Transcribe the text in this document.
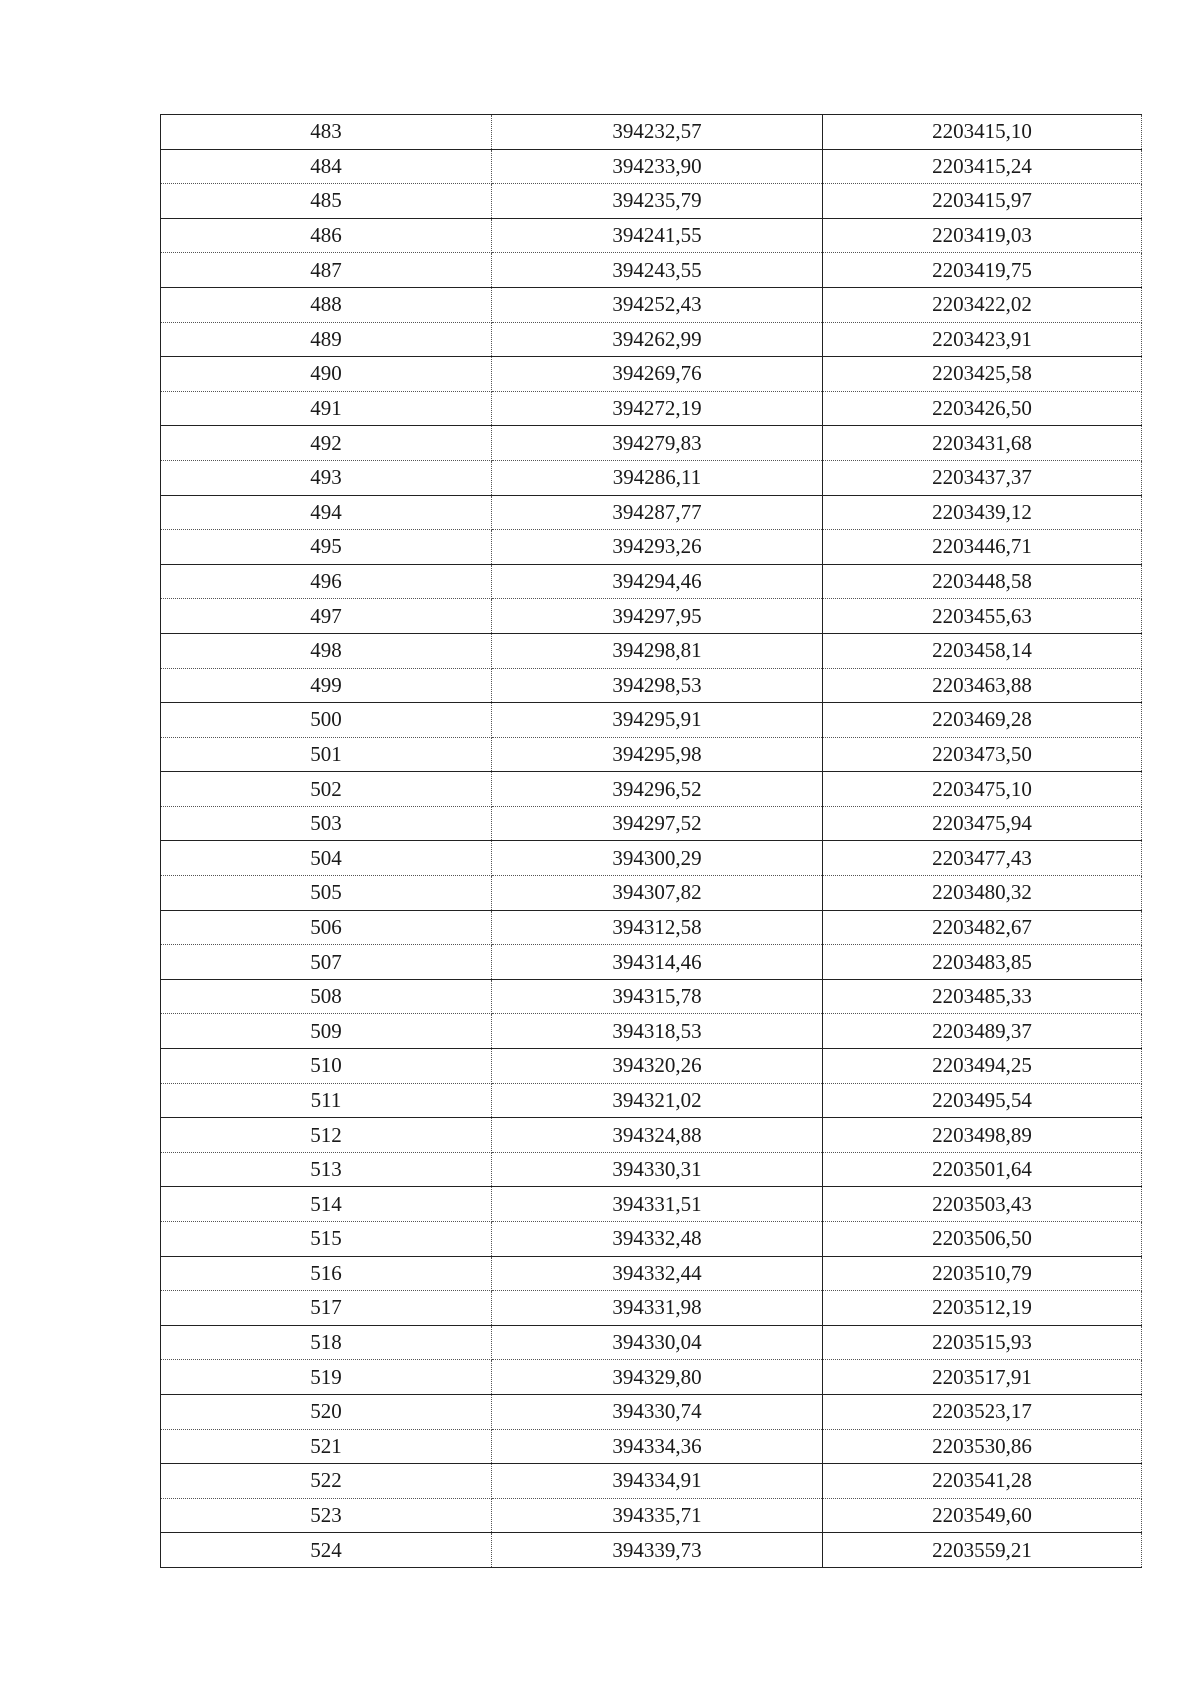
483	394232,57	2203415,10
484	394233,90	2203415,24
485	394235,79	2203415,97
486	394241,55	2203419,03
487	394243,55	2203419,75
488	394252,43	2203422,02
489	394262,99	2203423,91
490	394269,76	2203425,58
491	394272,19	2203426,50
492	394279,83	2203431,68
493	394286,11	2203437,37
494	394287,77	2203439,12
495	394293,26	2203446,71
496	394294,46	2203448,58
497	394297,95	2203455,63
498	394298,81	2203458,14
499	394298,53	2203463,88
500	394295,91	2203469,28
501	394295,98	2203473,50
502	394296,52	2203475,10
503	394297,52	2203475,94
504	394300,29	2203477,43
505	394307,82	2203480,32
506	394312,58	2203482,67
507	394314,46	2203483,85
508	394315,78	2203485,33
509	394318,53	2203489,37
510	394320,26	2203494,25
511	394321,02	2203495,54
512	394324,88	2203498,89
513	394330,31	2203501,64
514	394331,51	2203503,43
515	394332,48	2203506,50
516	394332,44	2203510,79
517	394331,98	2203512,19
518	394330,04	2203515,93
519	394329,80	2203517,91
520	394330,74	2203523,17
521	394334,36	2203530,86
522	394334,91	2203541,28
523	394335,71	2203549,60
524	394339,73	2203559,21
